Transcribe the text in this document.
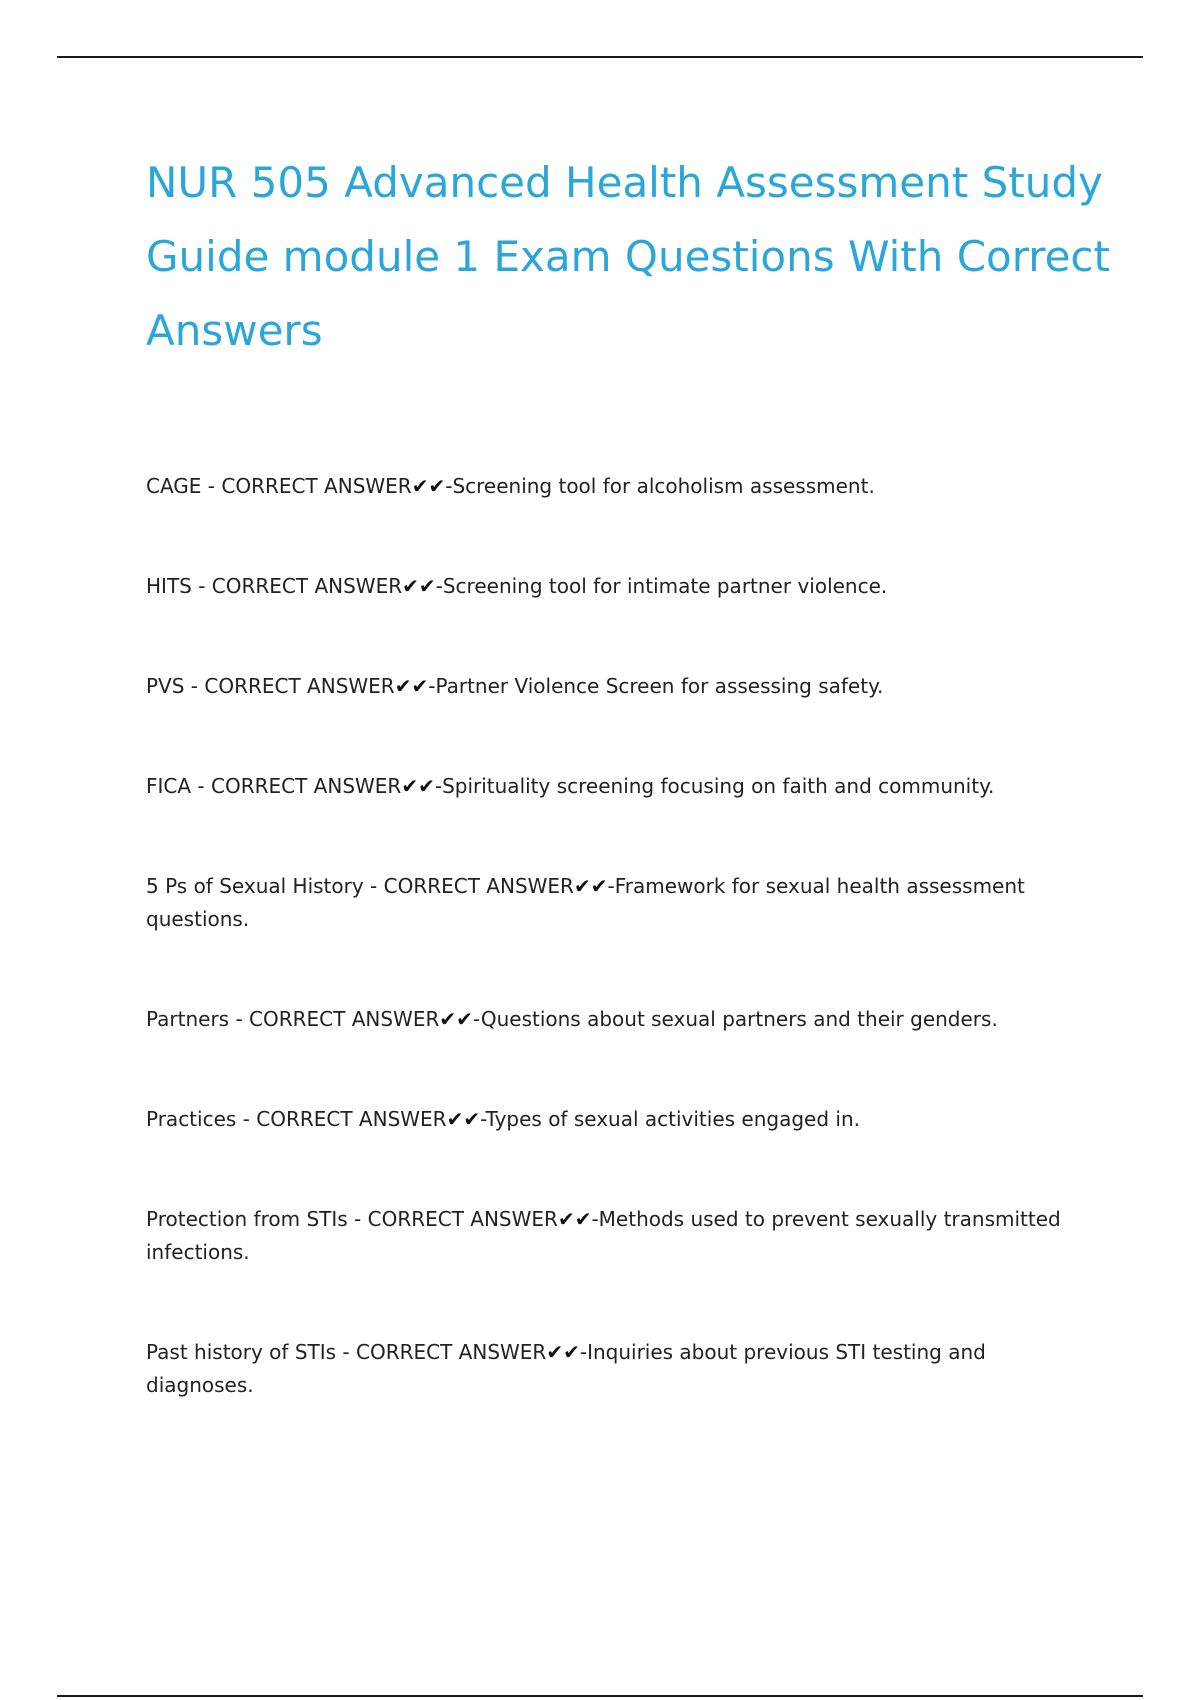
NUR 505 Advanced Health Assessment Study Guide module 1 Exam Questions With Correct Answers
CAGE - CORRECT ANSWER✔✔-Screening tool for alcoholism assessment.
HITS - CORRECT ANSWER✔✔-Screening tool for intimate partner violence.
PVS - CORRECT ANSWER✔✔-Partner Violence Screen for assessing safety.
FICA - CORRECT ANSWER✔✔-Spirituality screening focusing on faith and community.
5 Ps of Sexual History - CORRECT ANSWER✔✔-Framework for sexual health assessment questions.
Partners - CORRECT ANSWER✔✔-Questions about sexual partners and their genders.
Practices - CORRECT ANSWER✔✔-Types of sexual activities engaged in.
Protection from STIs - CORRECT ANSWER✔✔-Methods used to prevent sexually transmitted infections.
Past history of STIs - CORRECT ANSWER✔✔-Inquiries about previous STI testing and diagnoses.
